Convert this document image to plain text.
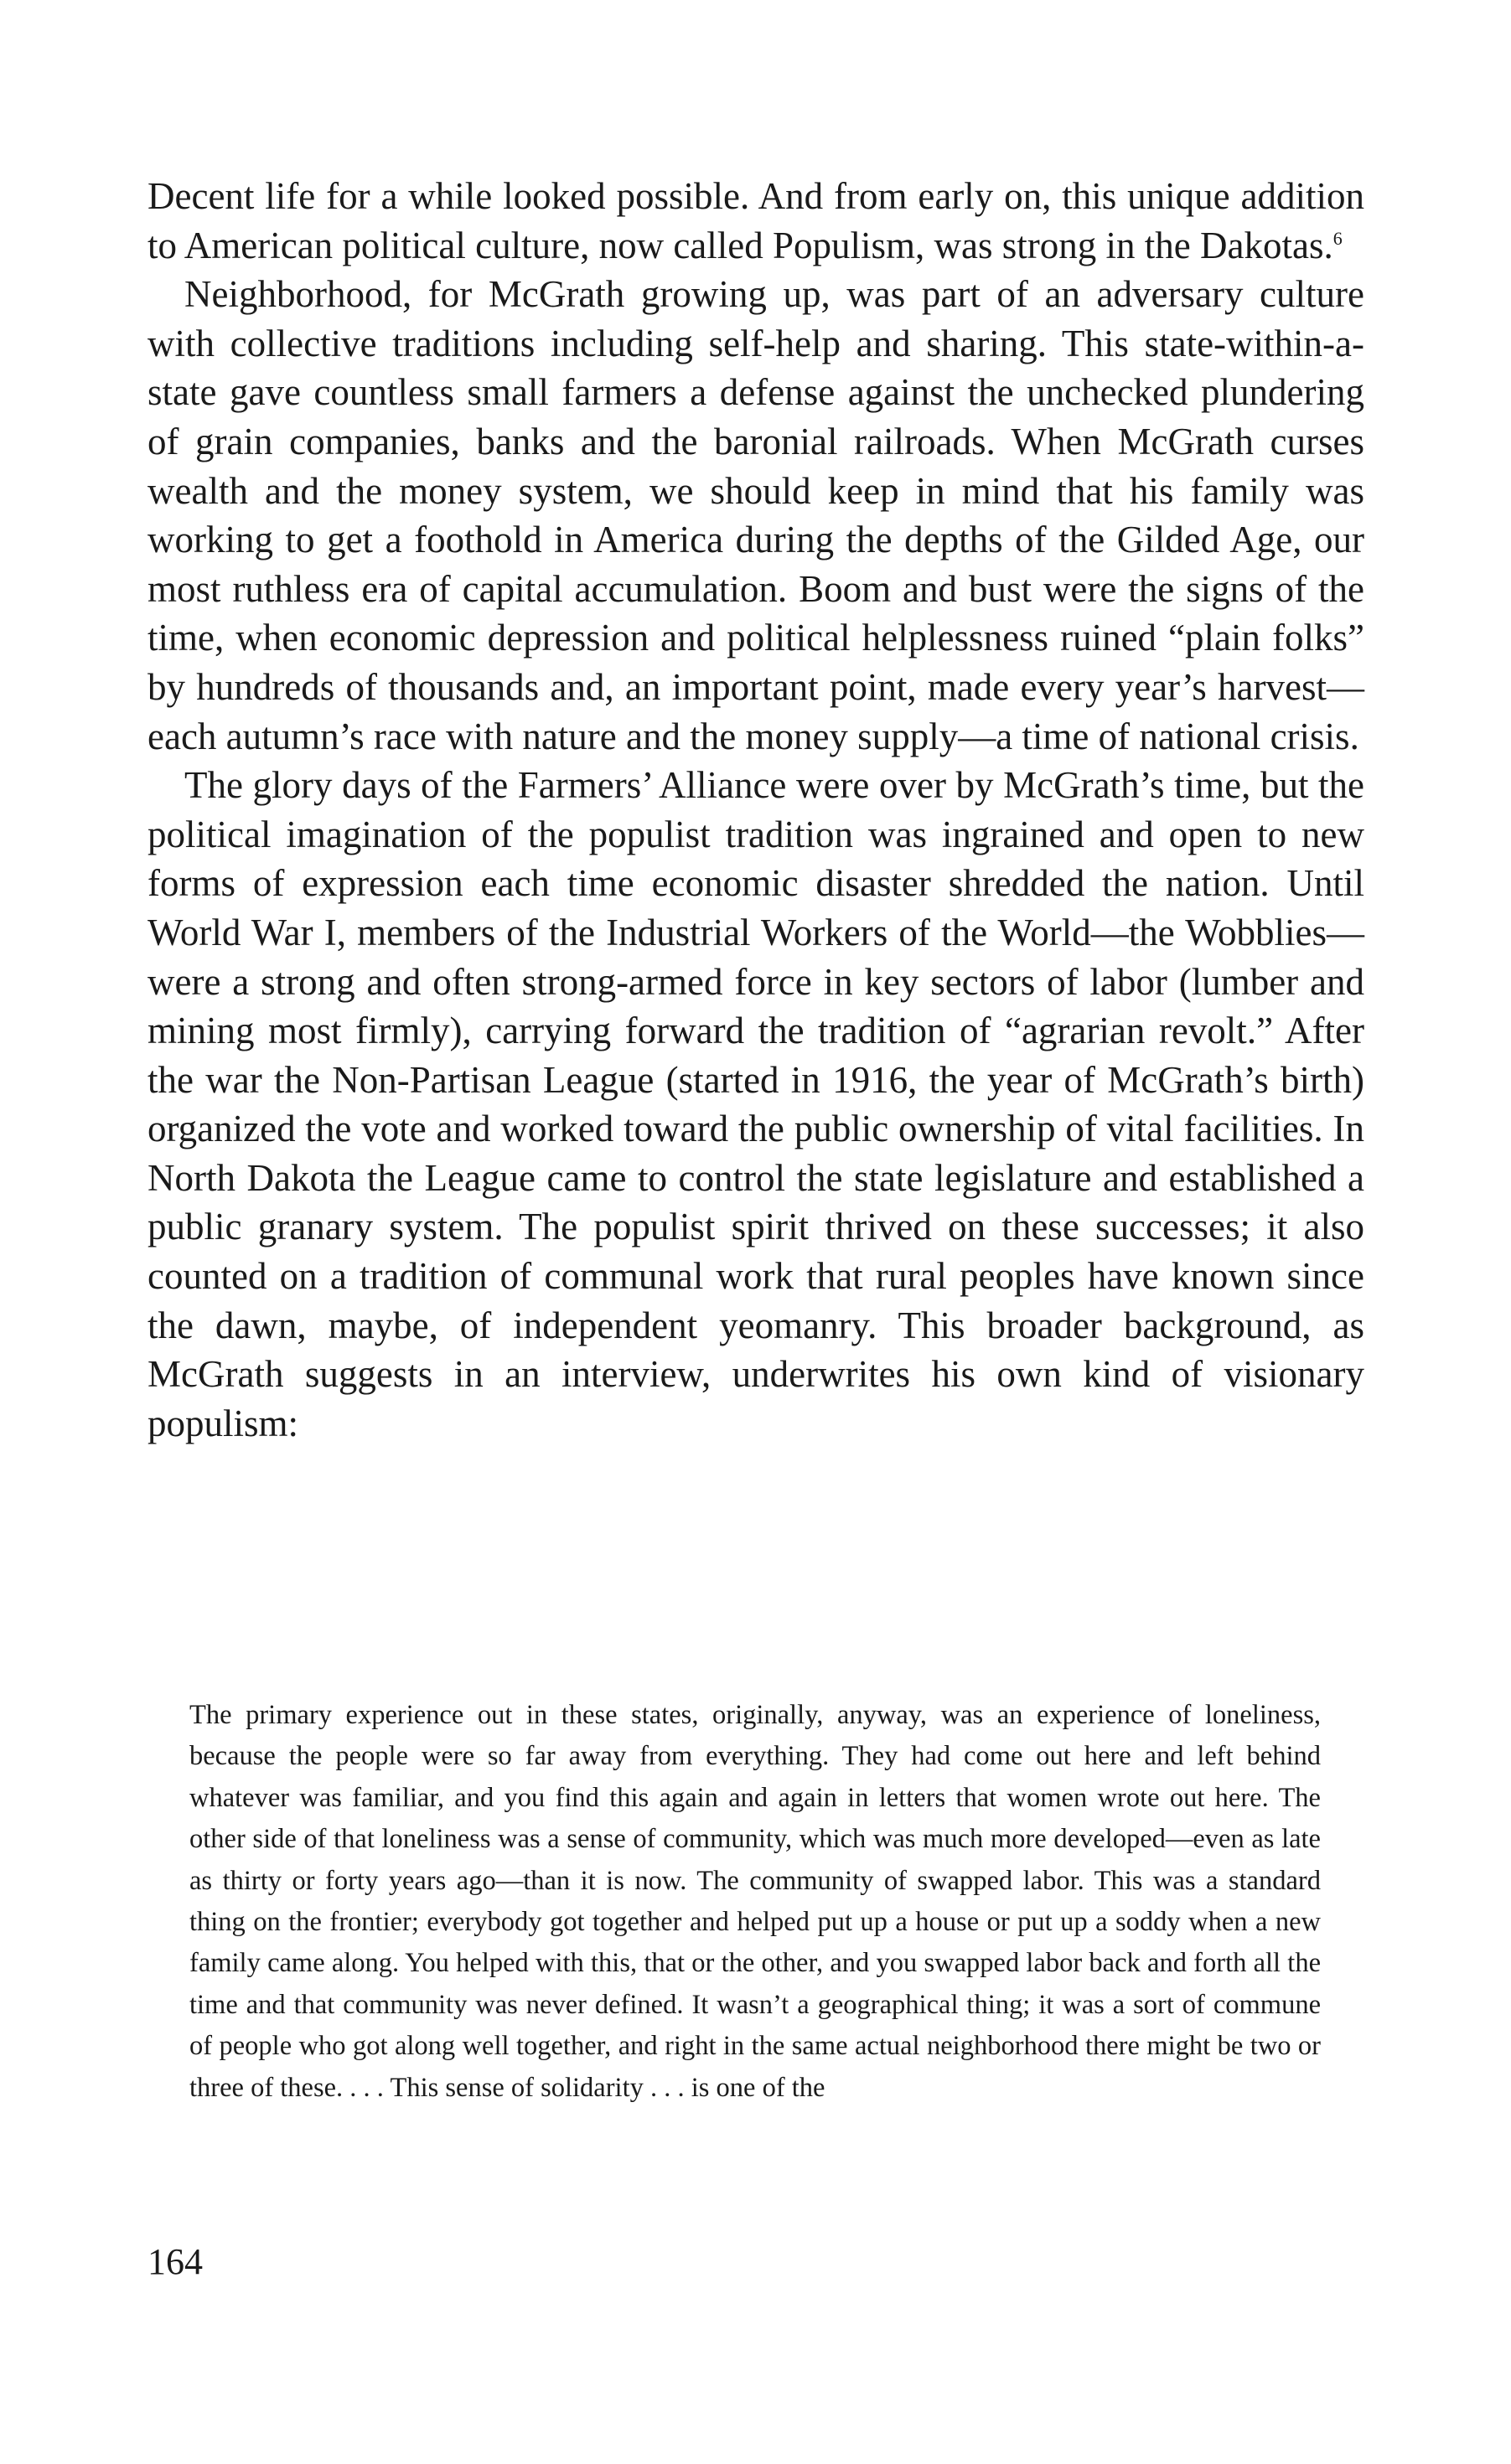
Decent life for a while looked possible. And from early on, this unique addition to American political culture, now called Populism, was strong in the Dakotas.$^6$

Neighborhood, for McGrath growing up, was part of an adversary culture with collective traditions including self-help and sharing. This state-within-a-state gave countless small farmers a defense against the unchecked plundering of grain companies, banks and the baronial railroads. When McGrath curses wealth and the money system, we should keep in mind that his family was working to get a foothold in America during the depths of the Gilded Age, our most ruthless era of capital accumulation. Boom and bust were the signs of the time, when economic depression and political helplessness ruined “plain folks” by hundreds of thousands and, an important point, made every year’s harvest—each autumn’s race with nature and the money supply—a time of national crisis.

The glory days of the Farmers’ Alliance were over by McGrath’s time, but the political imagination of the populist tradition was ingrained and open to new forms of expression each time economic disaster shredded the nation. Until World War I, members of the Industrial Workers of the World—the Wobblies—were a strong and often strong-armed force in key sectors of labor (lumber and mining most firmly), carrying forward the tradition of “agrarian revolt.” After the war the Non-Partisan League (started in 1916, the year of McGrath’s birth) organized the vote and worked toward the public ownership of vital facilities. In North Dakota the League came to control the state legislature and established a public granary system. The populist spirit thrived on these successes; it also counted on a tradition of communal work that rural peoples have known since the dawn, maybe, of independent yeomanry. This broader background, as McGrath suggests in an interview, underwrites his own kind of visionary populism:

The primary experience out in these states, originally, anyway, was an experience of loneliness, because the people were so far away from everything. They had come out here and left behind whatever was familiar, and you find this again and again in letters that women wrote out here. The other side of that loneliness was a sense of community, which was much more developed—even as late as thirty or forty years ago—than it is now. The community of swapped labor. This was a standard thing on the frontier; everybody got together and helped put up a house or put up a soddy when a new family came along. You helped with this, that or the other, and you swapped labor back and forth all the time and that community was never defined. It wasn’t a geographical thing; it was a sort of commune of people who got along well together, and right in the same actual neighborhood there might be two or three of these. . . . This sense of solidarity . . . is one of the

164
